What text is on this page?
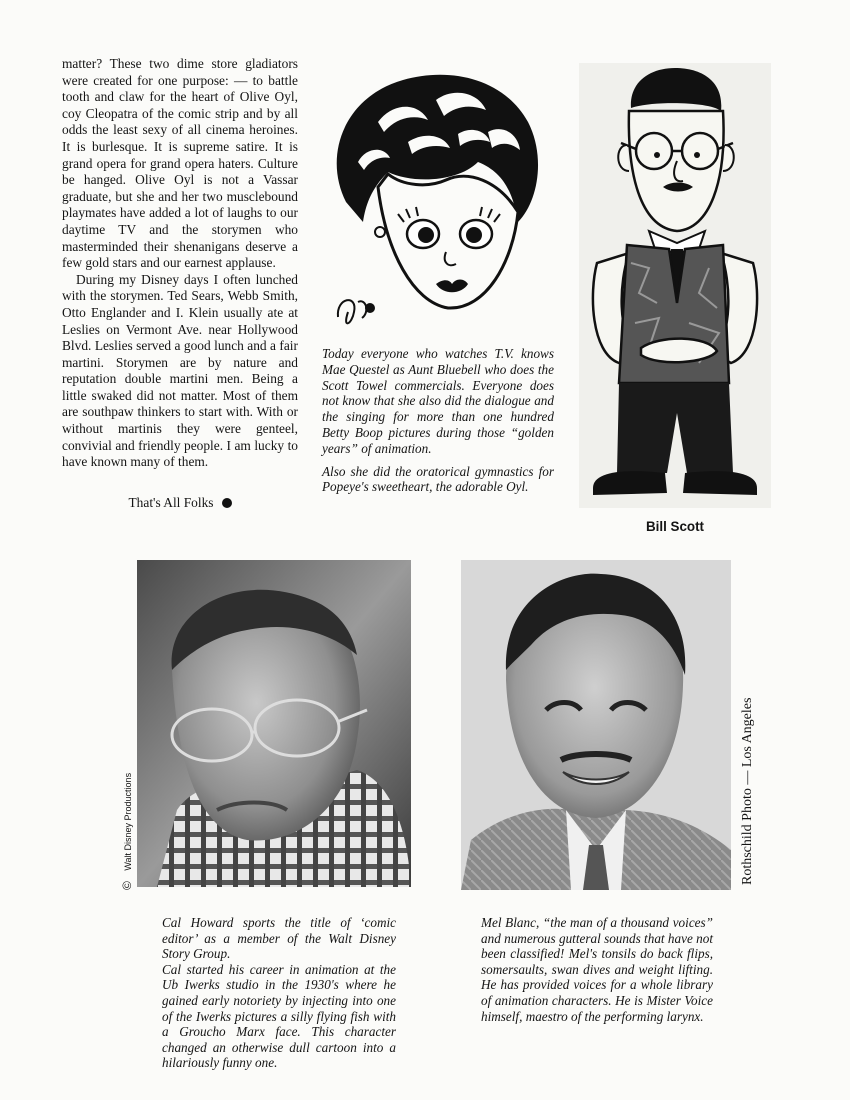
matter? These two dime store gladiators were created for one purpose: — to battle tooth and claw for the heart of Olive Oyl, coy Cleopatra of the comic strip and by all odds the least sexy of all cinema heroines. It is burlesque. It is supreme satire. It is grand opera for grand opera haters. Culture be hanged. Olive Oyl is not a Vassar graduate, but she and her two musclebound playmates have added a lot of laughs to our daytime TV and the storymen who masterminded their shenanigans deserve a few gold stars and our earnest applause.

During my Disney days I often lunched with the storymen. Ted Sears, Webb Smith, Otto Englander and I. Klein usually ate at Leslies on Vermont Ave. near Hollywood Blvd. Leslies served a good lunch and a fair martini. Storymen are by nature and reputation double martini men. Being a little swaked did not matter. Most of them are southpaw thinkers to start with. With or without martinis they were genteel, convivial and friendly people. I am lucky to have known many of them.

That's All Folks

Today everyone who watches T.V. knows Mae Questel as Aunt Bluebell who does the Scott Towel commercials. Everyone does not know that she also did the dialogue and the singing for more than one hundred Betty Boop pictures during those “golden years” of animation.

Also she did the oratorical gymnastics for Popeye's sweetheart, the adorable Oyl.

Bill Scott
© Walt Disney Productions	Rothschild Photo — Los Angeles

Cal Howard sports the title of ‘comic editor’ as a member of the Walt Disney Story Group.

Cal started his career in animation at the Ub Iwerks studio in the 1930's where he gained early notoriety by injecting into one of the Iwerks pictures a silly flying fish with a Groucho Marx face. This character changed an otherwise dull cartoon into a hilariously funny one.

Mel Blanc, “the man of a thousand voices” and numerous gutteral sounds that have not been classified! Mel's tonsils do back flips, somersaults, swan dives and weight lifting. He has provided voices for a whole library of animation characters. He is Mister Voice himself, maestro of the performing larynx.
